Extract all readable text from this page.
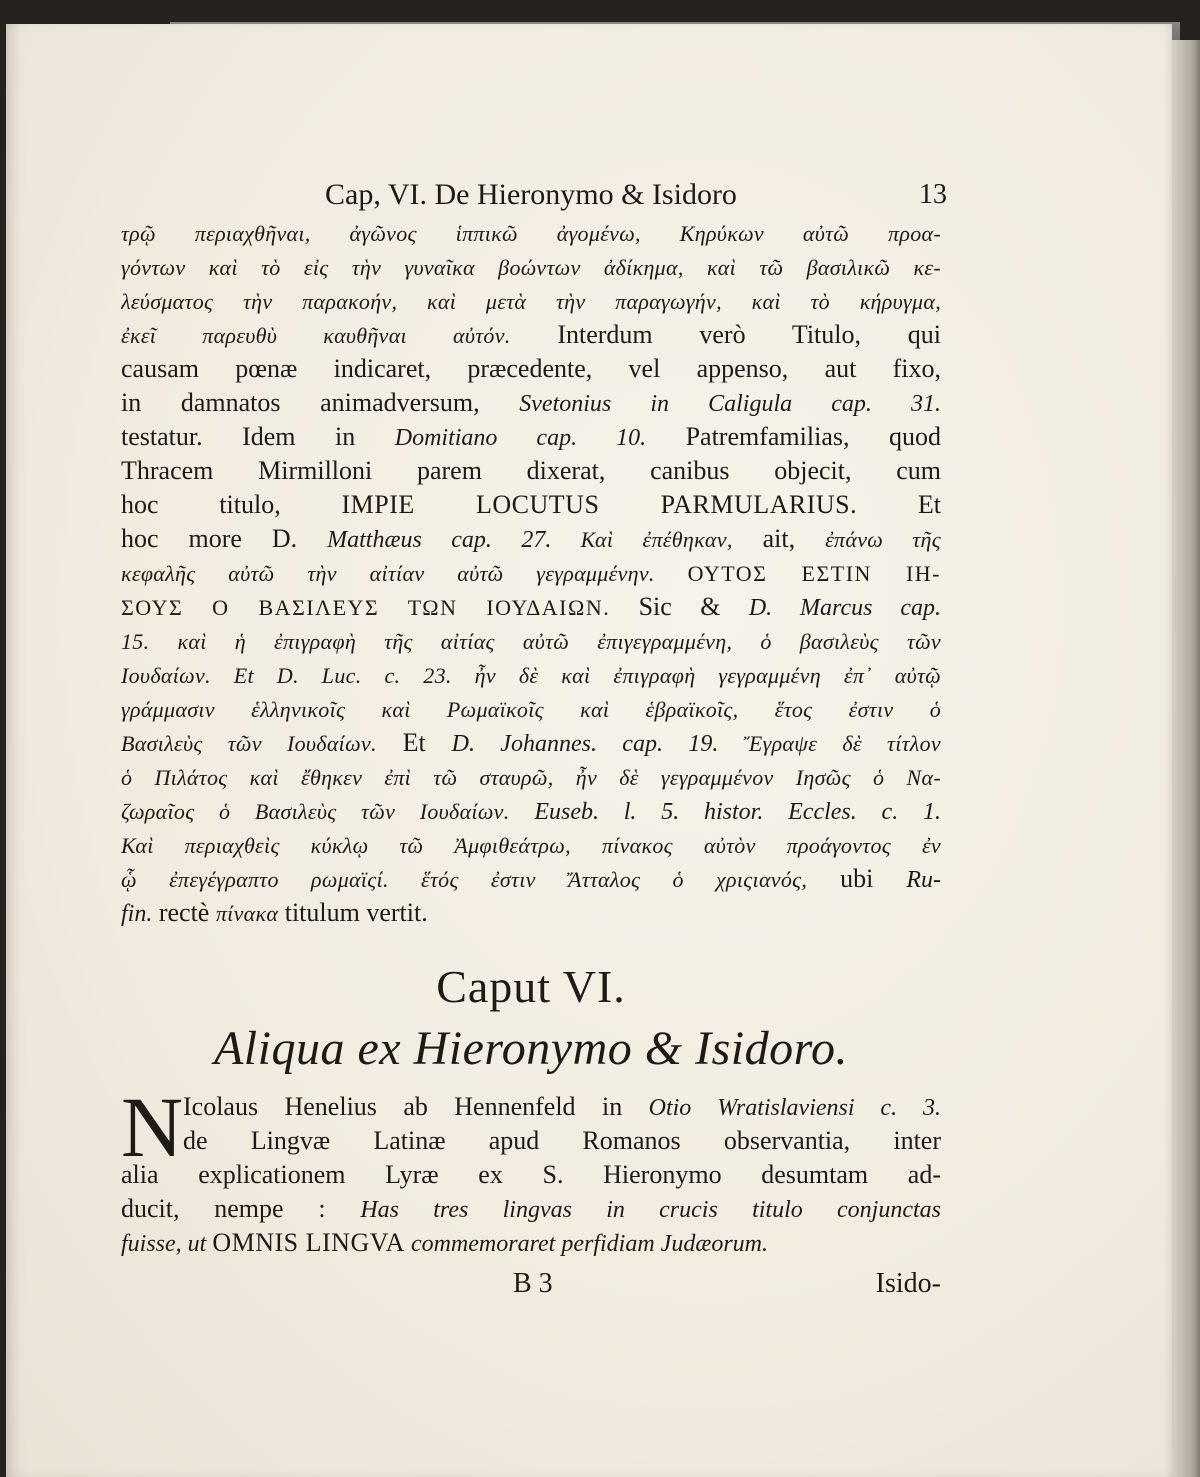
Cap, VI. De Hieronymo & Isidoro	13
τρῷ περιαχθῆναι, ἀγῶνος ἱππικῶ ἀγομένω, Κηρύκων αὐτῶ προα-
γόντων καὶ τὸ εἰς τὴν γυναῖκα βοώντων ἀδίκημα, καὶ τῶ βασιλικῶ κε-
λεύσματος τὴν παρακοήν, καὶ μετὰ τὴν παραγωγήν, καὶ τὸ κήρυγμα,
ἐκεῖ παρευθὺ καυθῆναι αὐτόν. Interdum verò Titulo, qui
causam pœnæ indicaret, præcedente, vel appenso, aut fixo,
in damnatos animadversum, Svetonius in Caligula cap. 31.
testatur. Idem in Domitiano cap. 10. Patremfamilias, quod
Thracem Mirmilloni parem dixerat, canibus objecit, cum
hoc titulo, IMPIE LOCUTUS PARMULARIUS. Et
hoc more D. Matthæus cap. 27. Καὶ ἐπέθηκαν, ait, ἐπάνω τῆς
κεφαλῆς αὐτῶ τὴν αἰτίαν αὐτῶ γεγραμμένην. ΟΥΤΟΣ ΕΣΤΙΝ ΙΗ-
ΣΟΥΣ Ο ΒΑΣΙΛΕΥΣ ΤΩΝ ΙΟΥΔΑΙΩΝ. Sic & D. Marcus cap.
15. καὶ ἡ ἐπιγραφὴ τῆς αἰτίας αὐτῶ ἐπιγεγραμμένη, ὁ βασιλεὺς τῶν
Ιουδαίων. Et D. Luc. c. 23. ἦν δὲ καὶ ἐπιγραφὴ γεγραμμένη ἐπ᾽ αὐτῷ
γράμμασιν ἑλληνικοῖς καὶ Ρωμαϊκοῖς καὶ ἑβραϊκοῖς, ἕτος ἐστιν ὁ
Βασιλεὺς τῶν Ιουδαίων. Et D. Johannes. cap. 19. Ἔγραψε δὲ τίτλον
ὁ Πιλάτος καὶ ἔθηκεν ἐπὶ τῶ σταυρῶ, ἦν δὲ γεγραμμένον Ιησῶς ὁ Να-
ζωραῖος ὁ Βασιλεὺς τῶν Ιουδαίων. Euseb. l. 5. histor. Eccles. c. 1.
Καὶ περιαχθεὶς κύκλῳ τῶ Ἀμφιθεάτρω, πίνακος αὐτὸν προάγοντος ἐν
ᾧ ἐπεγέγραπτο ρωμαϊςί. ἕτός ἐστιν Ἄτταλος ὁ χριςιανός, ubi Ru-
fin. rectè πίνακα titulum vertit.
Caput VI.
Aliqua ex Hieronymo & Isidoro.
N Icolaus Henelius ab Hennenfeld in Otio Wratislaviensi c. 3.
de Lingvæ Latinæ apud Romanos observantia, inter
alia explicationem Lyræ ex S. Hieronymo desumtam ad-
ducit, nempe : Has tres lingvas in crucis titulo conjunctas
fuisse, ut OMNIS LINGVA commemoraret perfidiam Judæorum.
B 3	Isido-
